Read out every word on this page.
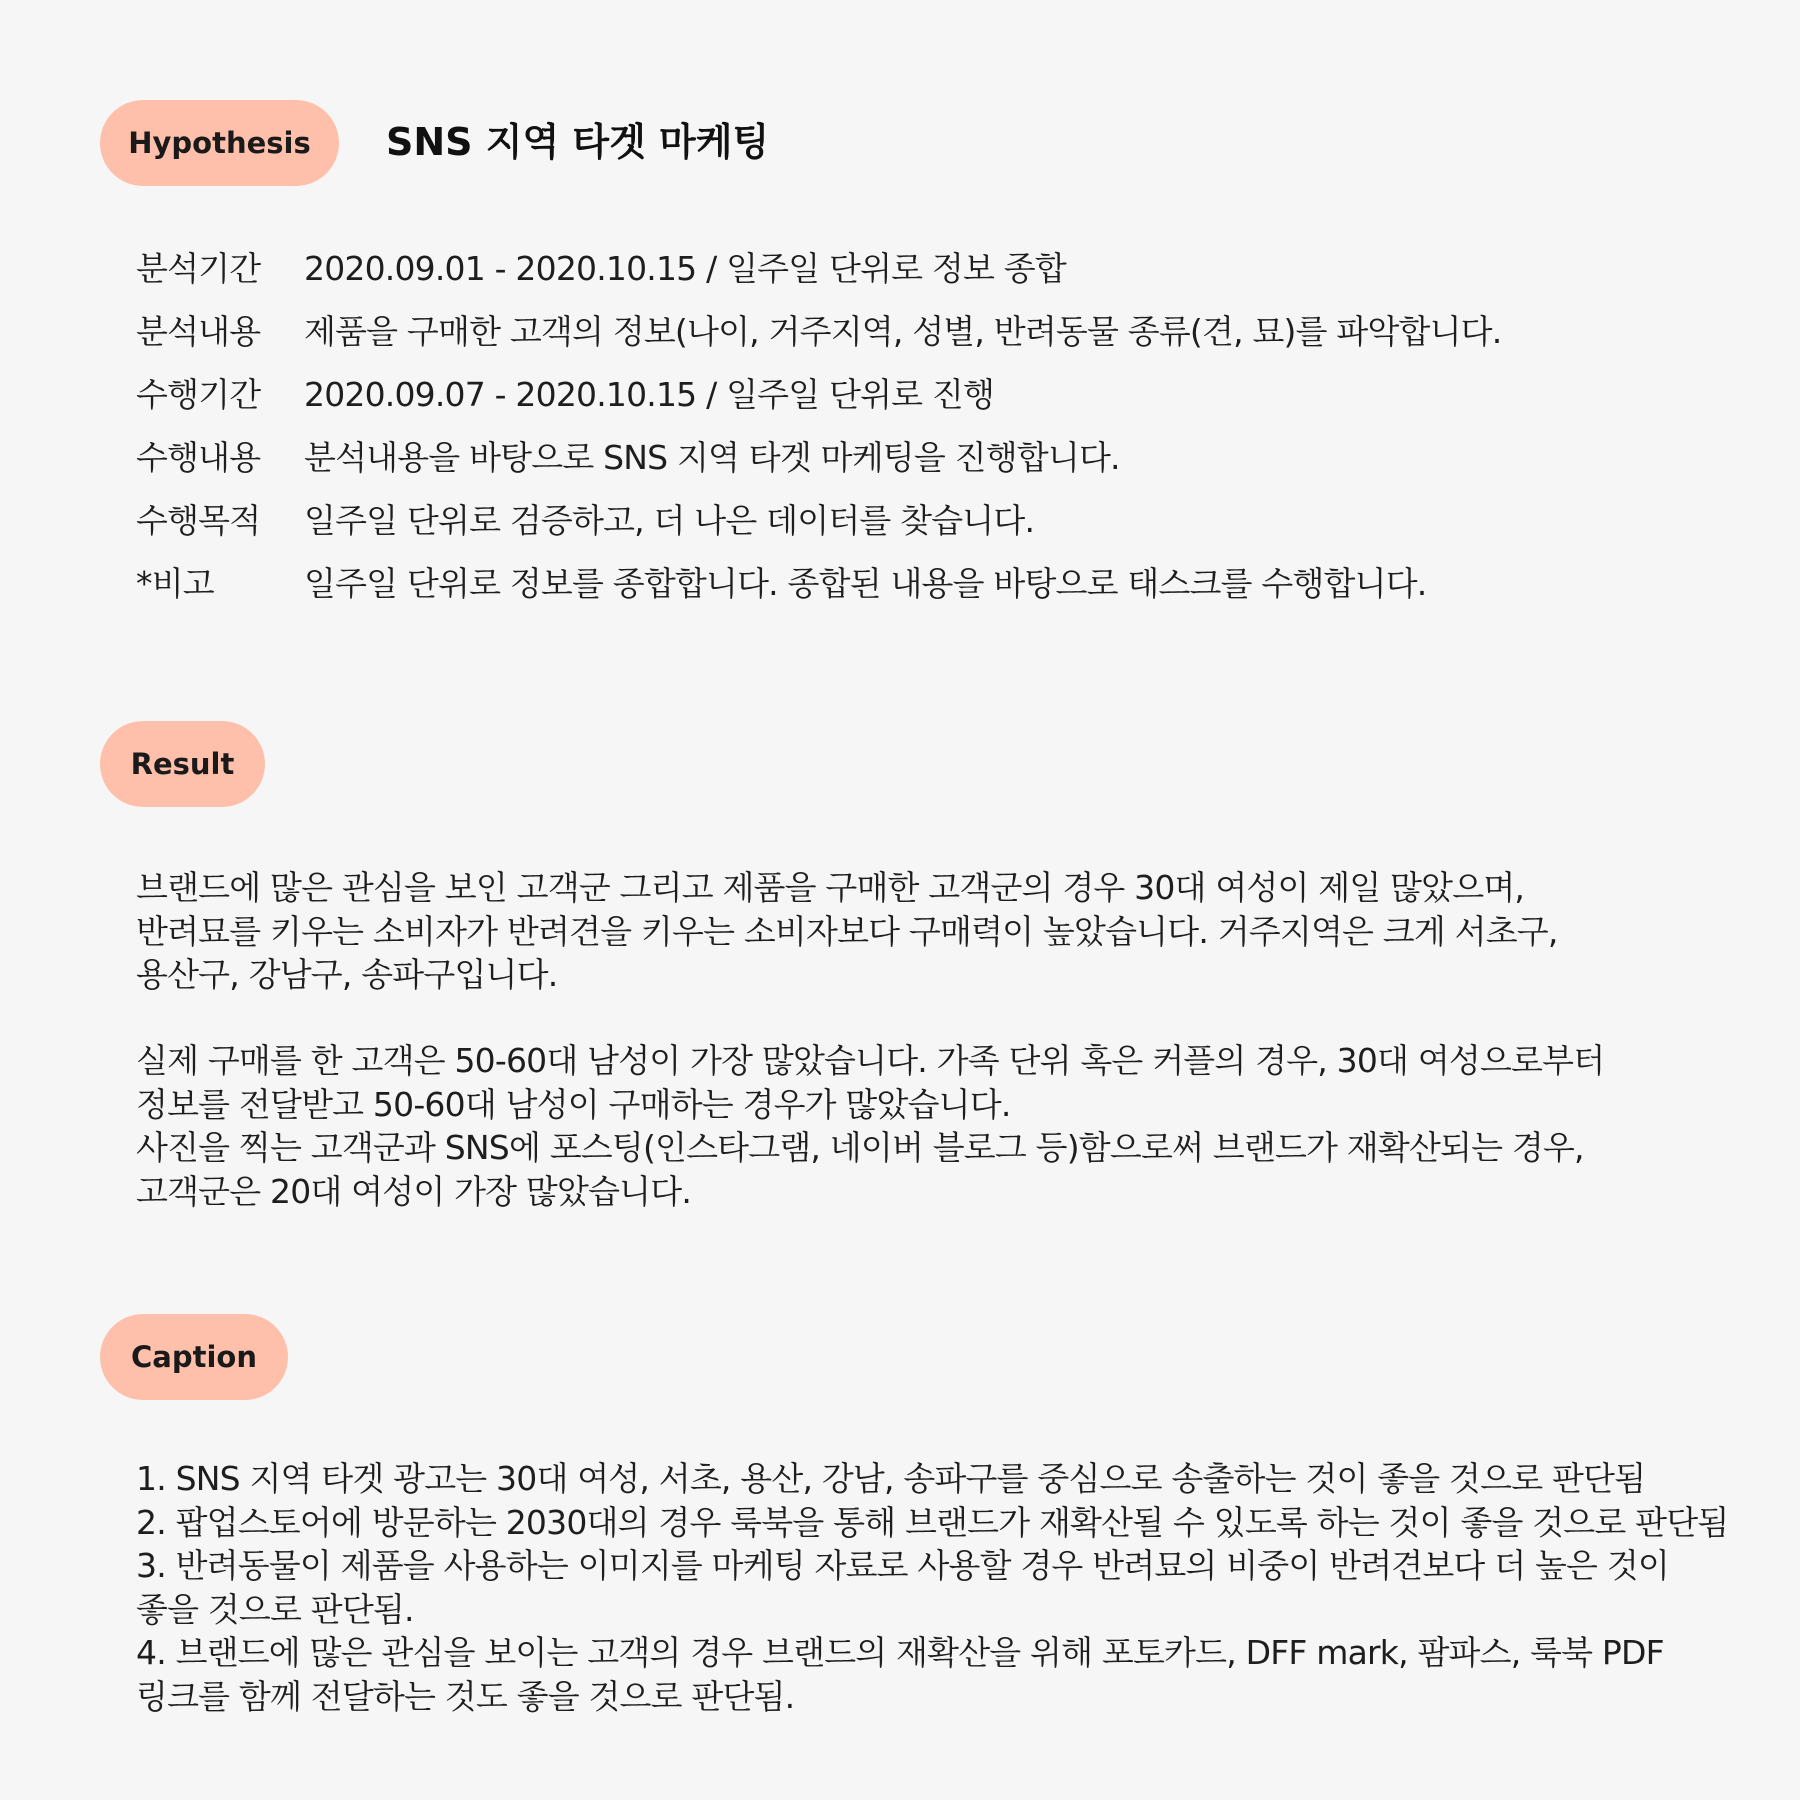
Hypothesis	SNS 지역 타겟 마케팅
분석기간	2020.09.01 - 2020.10.15 / 일주일 단위로 정보 종합
분석내용	제품을 구매한 고객의 정보(나이, 거주지역, 성별, 반려동물 종류(견, 묘)를 파악합니다.
수행기간	2020.09.07 - 2020.10.15 / 일주일 단위로 진행
수행내용	분석내용을 바탕으로 SNS 지역 타겟 마케팅을 진행합니다.
수행목적	일주일 단위로 검증하고, 더 나은 데이터를 찾습니다.
*비고	일주일 단위로 정보를 종합합니다. 종합된 내용을 바탕으로 태스크를 수행합니다.
Result
브랜드에 많은 관심을 보인 고객군 그리고 제품을 구매한 고객군의 경우 30대 여성이 제일 많았으며,
반려묘를 키우는 소비자가 반려견을 키우는 소비자보다 구매력이 높았습니다. 거주지역은 크게 서초구,
용산구, 강남구, 송파구입니다.
실제 구매를 한 고객은 50-60대 남성이 가장 많았습니다. 가족 단위 혹은 커플의 경우, 30대 여성으로부터
정보를 전달받고 50-60대 남성이 구매하는 경우가 많았습니다.
사진을 찍는 고객군과 SNS에 포스팅(인스타그램, 네이버 블로그 등)함으로써 브랜드가 재확산되는 경우,
고객군은 20대 여성이 가장 많았습니다.
Caption
1. SNS 지역 타겟 광고는 30대 여성, 서초, 용산, 강남, 송파구를 중심으로 송출하는 것이 좋을 것으로 판단됨
2. 팝업스토어에 방문하는 2030대의 경우 룩북을 통해 브랜드가 재확산될 수 있도록 하는 것이 좋을 것으로 판단됨
3. 반려동물이 제품을 사용하는 이미지를 마케팅 자료로 사용할 경우 반려묘의 비중이 반려견보다 더 높은 것이
좋을 것으로 판단됨.
4. 브랜드에 많은 관심을 보이는 고객의 경우 브랜드의 재확산을 위해 포토카드, DFF mark, 팜파스, 룩북 PDF
링크를 함께 전달하는 것도 좋을 것으로 판단됨.
